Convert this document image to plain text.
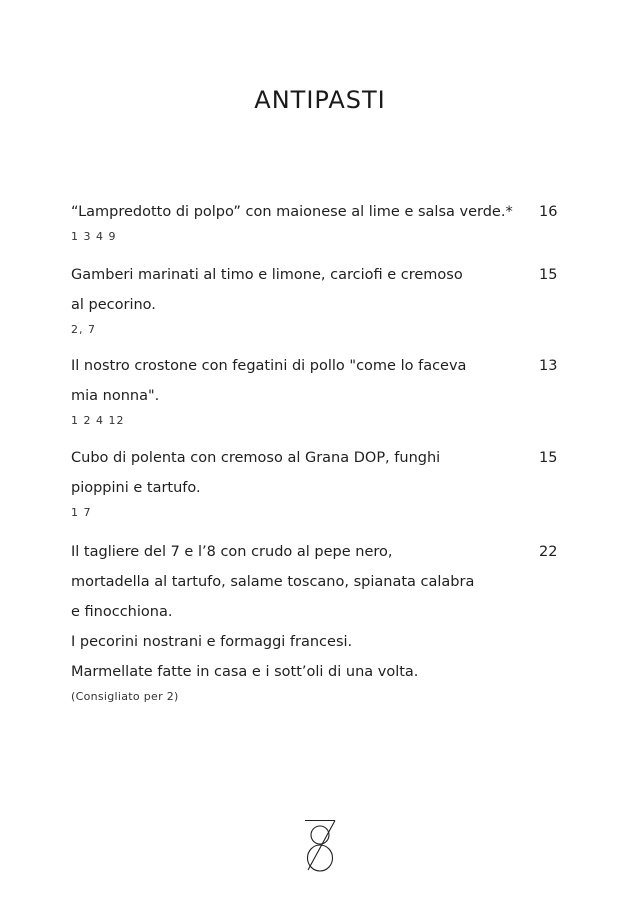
ANTIPASTI
“Lampredotto di polpo” con maionese al lime e salsa verde.*
1 3 4 9
16
Gamberi marinati al timo e limone, carciofi e cremoso
al pecorino.
2, 7
15
Il nostro crostone con fegatini di pollo "come lo faceva
mia nonna".
1 2 4 12
13
Cubo di polenta con cremoso al Grana DOP, funghi
pioppini e tartufo.
1 7
15
Il tagliere del 7 e l’8 con crudo al pepe nero,
mortadella al tartufo, salame toscano, spianata calabra
e finocchiona.
I pecorini nostrani e formaggi francesi.
Marmellate fatte in casa e i sott’oli di una volta.
(Consigliato per 2)
22
